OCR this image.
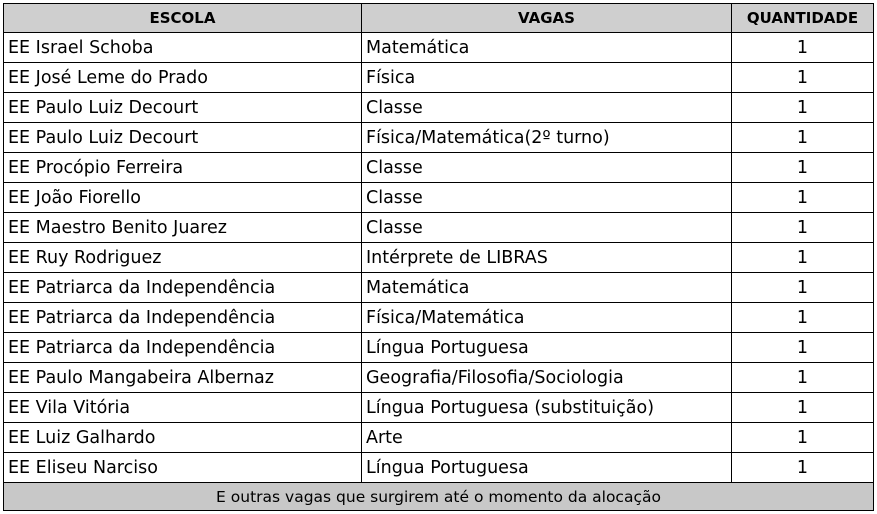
ESCOLA	VAGAS	QUANTIDADE
EE Israel Schoba	Matemática	1
EE José Leme do Prado	Física	1
EE Paulo Luiz Decourt	Classe	1
EE Paulo Luiz Decourt	Física/Matemática(2º turno)	1
EE Procópio Ferreira	Classe	1
EE João Fiorello	Classe	1
EE Maestro Benito Juarez	Classe	1
EE Ruy Rodriguez	Intérprete de LIBRAS	1
EE Patriarca da Independência	Matemática	1
EE Patriarca da Independência	Física/Matemática	1
EE Patriarca da Independência	Língua Portuguesa	1
EE Paulo Mangabeira Albernaz	Geografia/Filosofia/Sociologia	1
EE Vila Vitória	Língua Portuguesa (substituição)	1
EE Luiz Galhardo	Arte	1
EE Eliseu Narciso	Língua Portuguesa	1
E outras vagas que surgirem até o momento da alocação		
